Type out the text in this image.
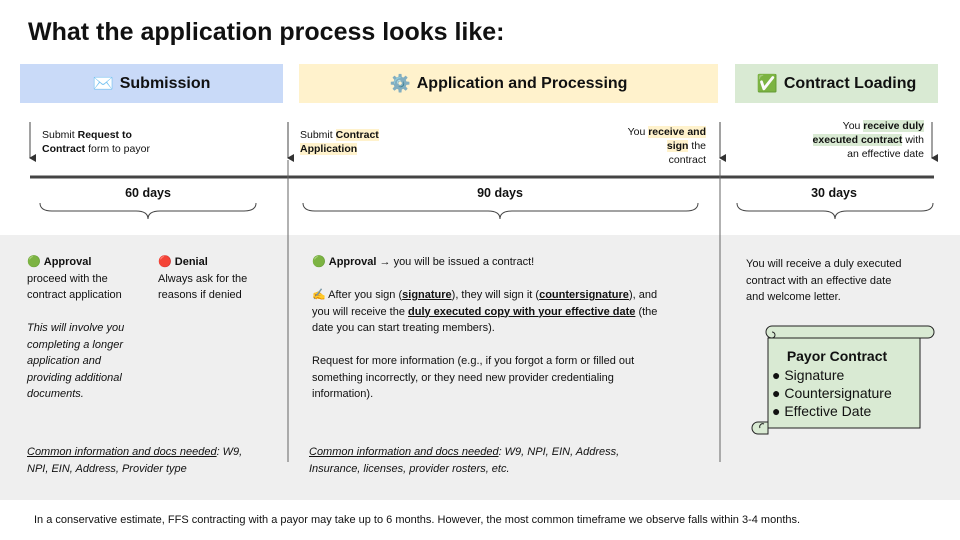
What the application process looks like:
✉️ Submission	⚙️ Application and Processing	✅ Contract Loading
Submit Request to
Contract form to payor
Submit Contract
Application
You receive and
sign the
contract
You receive duly
executed contract with
an effective date
60 days	90 days	30 days
🟢 Approval
proceed with the
contract application
🔴 Denial
Always ask for the
reasons if denied
This will involve you
completing a longer
application and
providing additional
documents.
Common information and docs needed: W9,
NPI, EIN, Address, Provider type
🟢 Approval → you will be issued a contract!
✍️ After you sign (signature), they will sign it (countersignature), and
you will receive the duly executed copy with your effective date (the
date you can start treating members).
Request for more information (e.g., if you forgot a form or filled out
something incorrectly, or they need new provider credentialing
information).
Common information and docs needed: W9, NPI, EIN, Address,
Insurance, licenses, provider rosters, etc.
You will receive a duly executed
contract with an effective date
and welcome letter.
Payor Contract
● Signature
● Countersignature
● Effective Date
In a conservative estimate, FFS contracting with a payor may take up to 6 months. However, the most common timeframe we observe falls within 3-4 months.
